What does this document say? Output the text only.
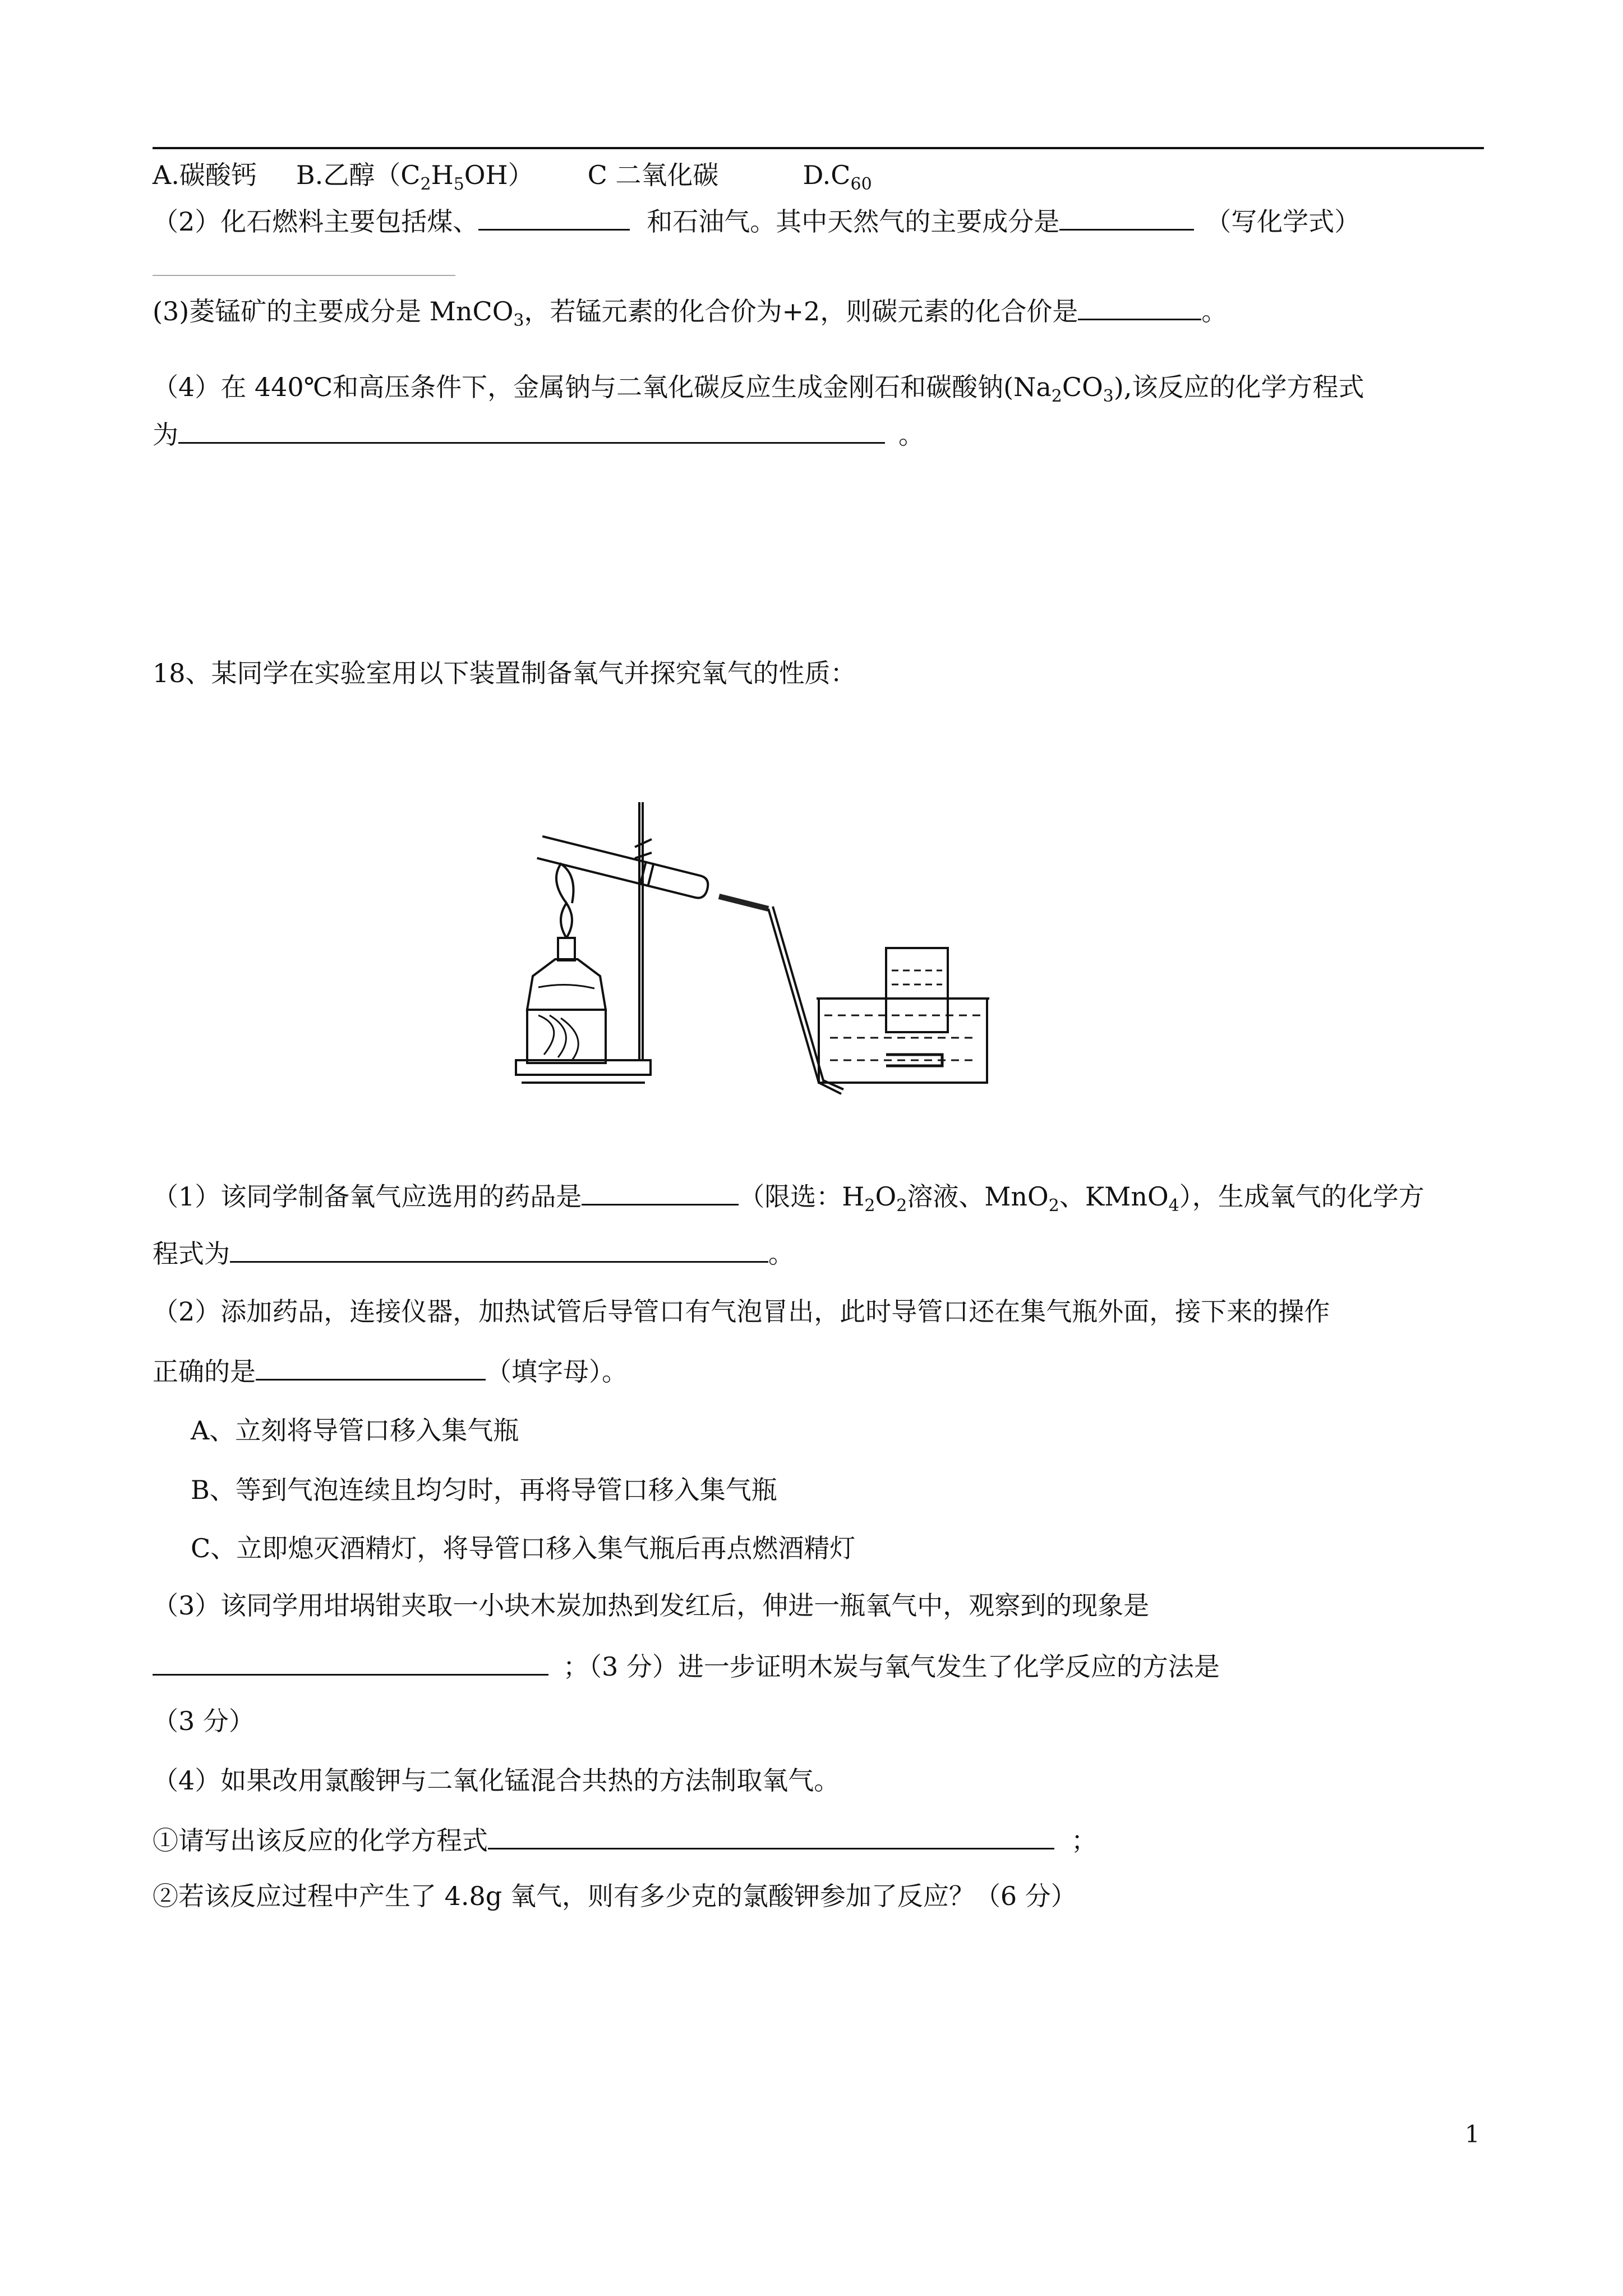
A.碳酸钙 B.乙醇$(C_2H_5OH)$ C 二氧化碳	$D.C_{60}$
（2）化石燃料主要包括煤、	和石油气。其中天然气的主要成分是	（写化学式）
(3)菱锰矿的主要成分是 MnCO$_3$，若锰元素的化合价为+2，则碳元素的化合价是	。
（4）在 440℃和高压条件下，金属钠与二氧化碳反应生成金刚石和碳酸钠$(Na_2CO_3)$,该反应的化学方程式
为	。
18、某同学在实验室用以下装置制备氧气并探究氧气的性质：
（1）该同学制备氧气应选用的药品是	（限选：$H_2O_2$溶液、MnO$_2$、KMnO$_4$），生成氧气的化学方
程式为	。
（2）添加药品，连接仪器，加热试管后导管口有气泡冒出，此时导管口还在集气瓶外面，接下来的操作
正确的是	（填字母）。
A、立刻将导管口移入集气瓶
B、等到气泡连续且均匀时，再将导管口移入集气瓶
C、立即熄灭酒精灯，将导管口移入集气瓶后再点燃酒精灯
（3）该同学用坩埚钳夹取一小块木炭加热到发红后，伸进一瓶氧气中，观察到的现象是
；（3 分）进一步证明木炭与氧气发生了化学反应的方法是
（3 分）
（4）如果改用氯酸钾与二氧化锰混合共热的方法制取氧气。
①请写出该反应的化学方程式	；
②若该反应过程中产生了 4.8g 氧气，则有多少克的氯酸钾参加了反应？（6 分）
1
